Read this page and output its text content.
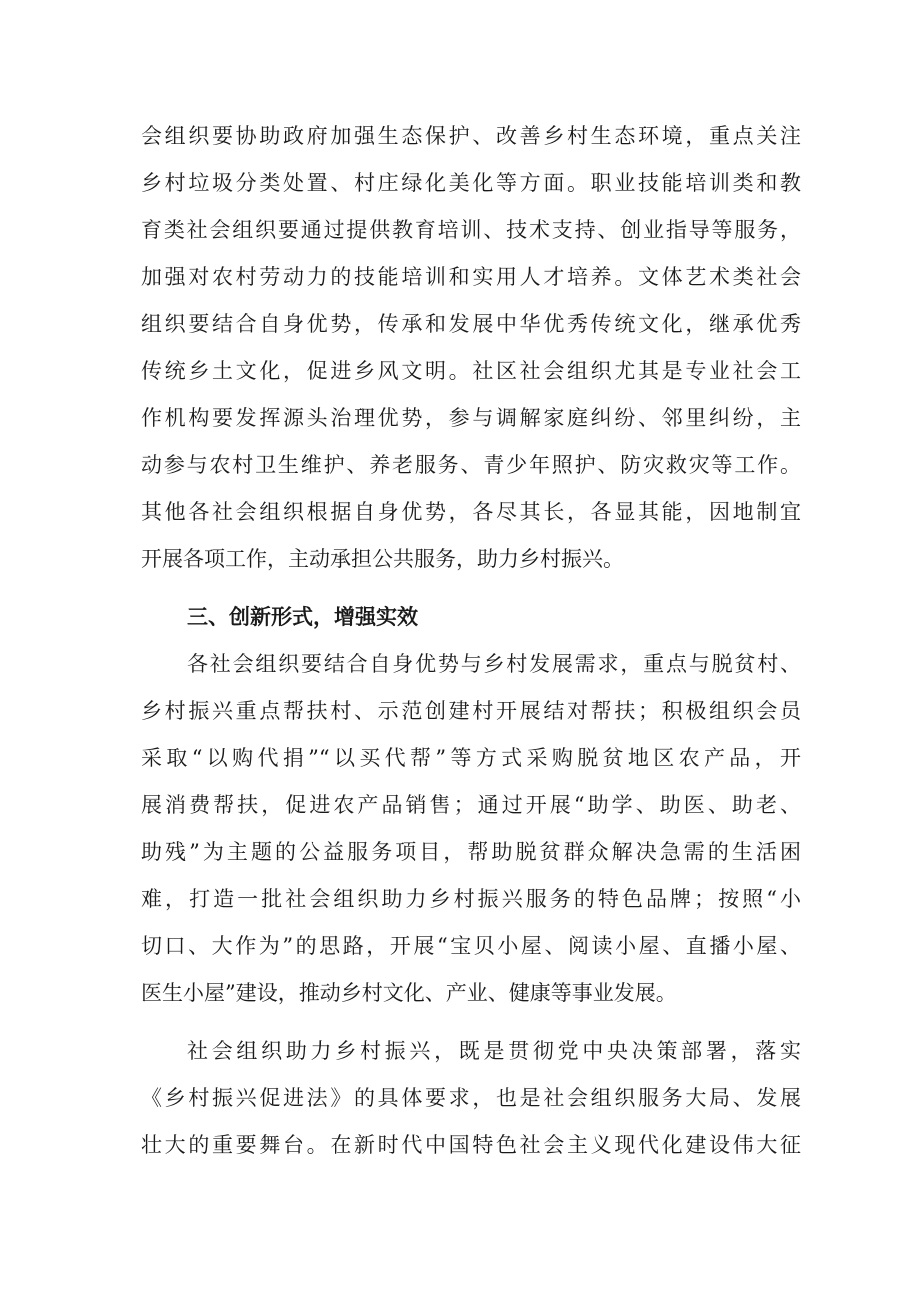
会组织要协助政府加强生态保护、改善乡村生态环境，重点关注
乡村垃圾分类处置、村庄绿化美化等方面。职业技能培训类和教
育类社会组织要通过提供教育培训、技术支持、创业指导等服务，
加强对农村劳动力的技能培训和实用人才培养。文体艺术类社会
组织要结合自身优势，传承和发展中华优秀传统文化，继承优秀
传统乡土文化，促进乡风文明。社区社会组织尤其是专业社会工
作机构要发挥源头治理优势，参与调解家庭纠纷、邻里纠纷，主
动参与农村卫生维护、养老服务、青少年照护、防灾救灾等工作。
其他各社会组织根据自身优势，各尽其长，各显其能，因地制宜
开展各项工作，主动承担公共服务，助力乡村振兴。
三、创新形式，增强实效
各社会组织要结合自身优势与乡村发展需求，重点与脱贫村、
乡村振兴重点帮扶村、示范创建村开展结对帮扶；积极组织会员
采取“以购代捐”“以买代帮”等方式采购脱贫地区农产品，开
展消费帮扶，促进农产品销售；通过开展“助学、助医、助老、
助残”为主题的公益服务项目，帮助脱贫群众解决急需的生活困
难，打造一批社会组织助力乡村振兴服务的特色品牌；按照“小
切口、大作为”的思路，开展“宝贝小屋、阅读小屋、直播小屋、
医生小屋”建设，推动乡村文化、产业、健康等事业发展。
社会组织助力乡村振兴，既是贯彻党中央决策部署，落实
《乡村振兴促进法》的具体要求，也是社会组织服务大局、发展
壮大的重要舞台。在新时代中国特色社会主义现代化建设伟大征
